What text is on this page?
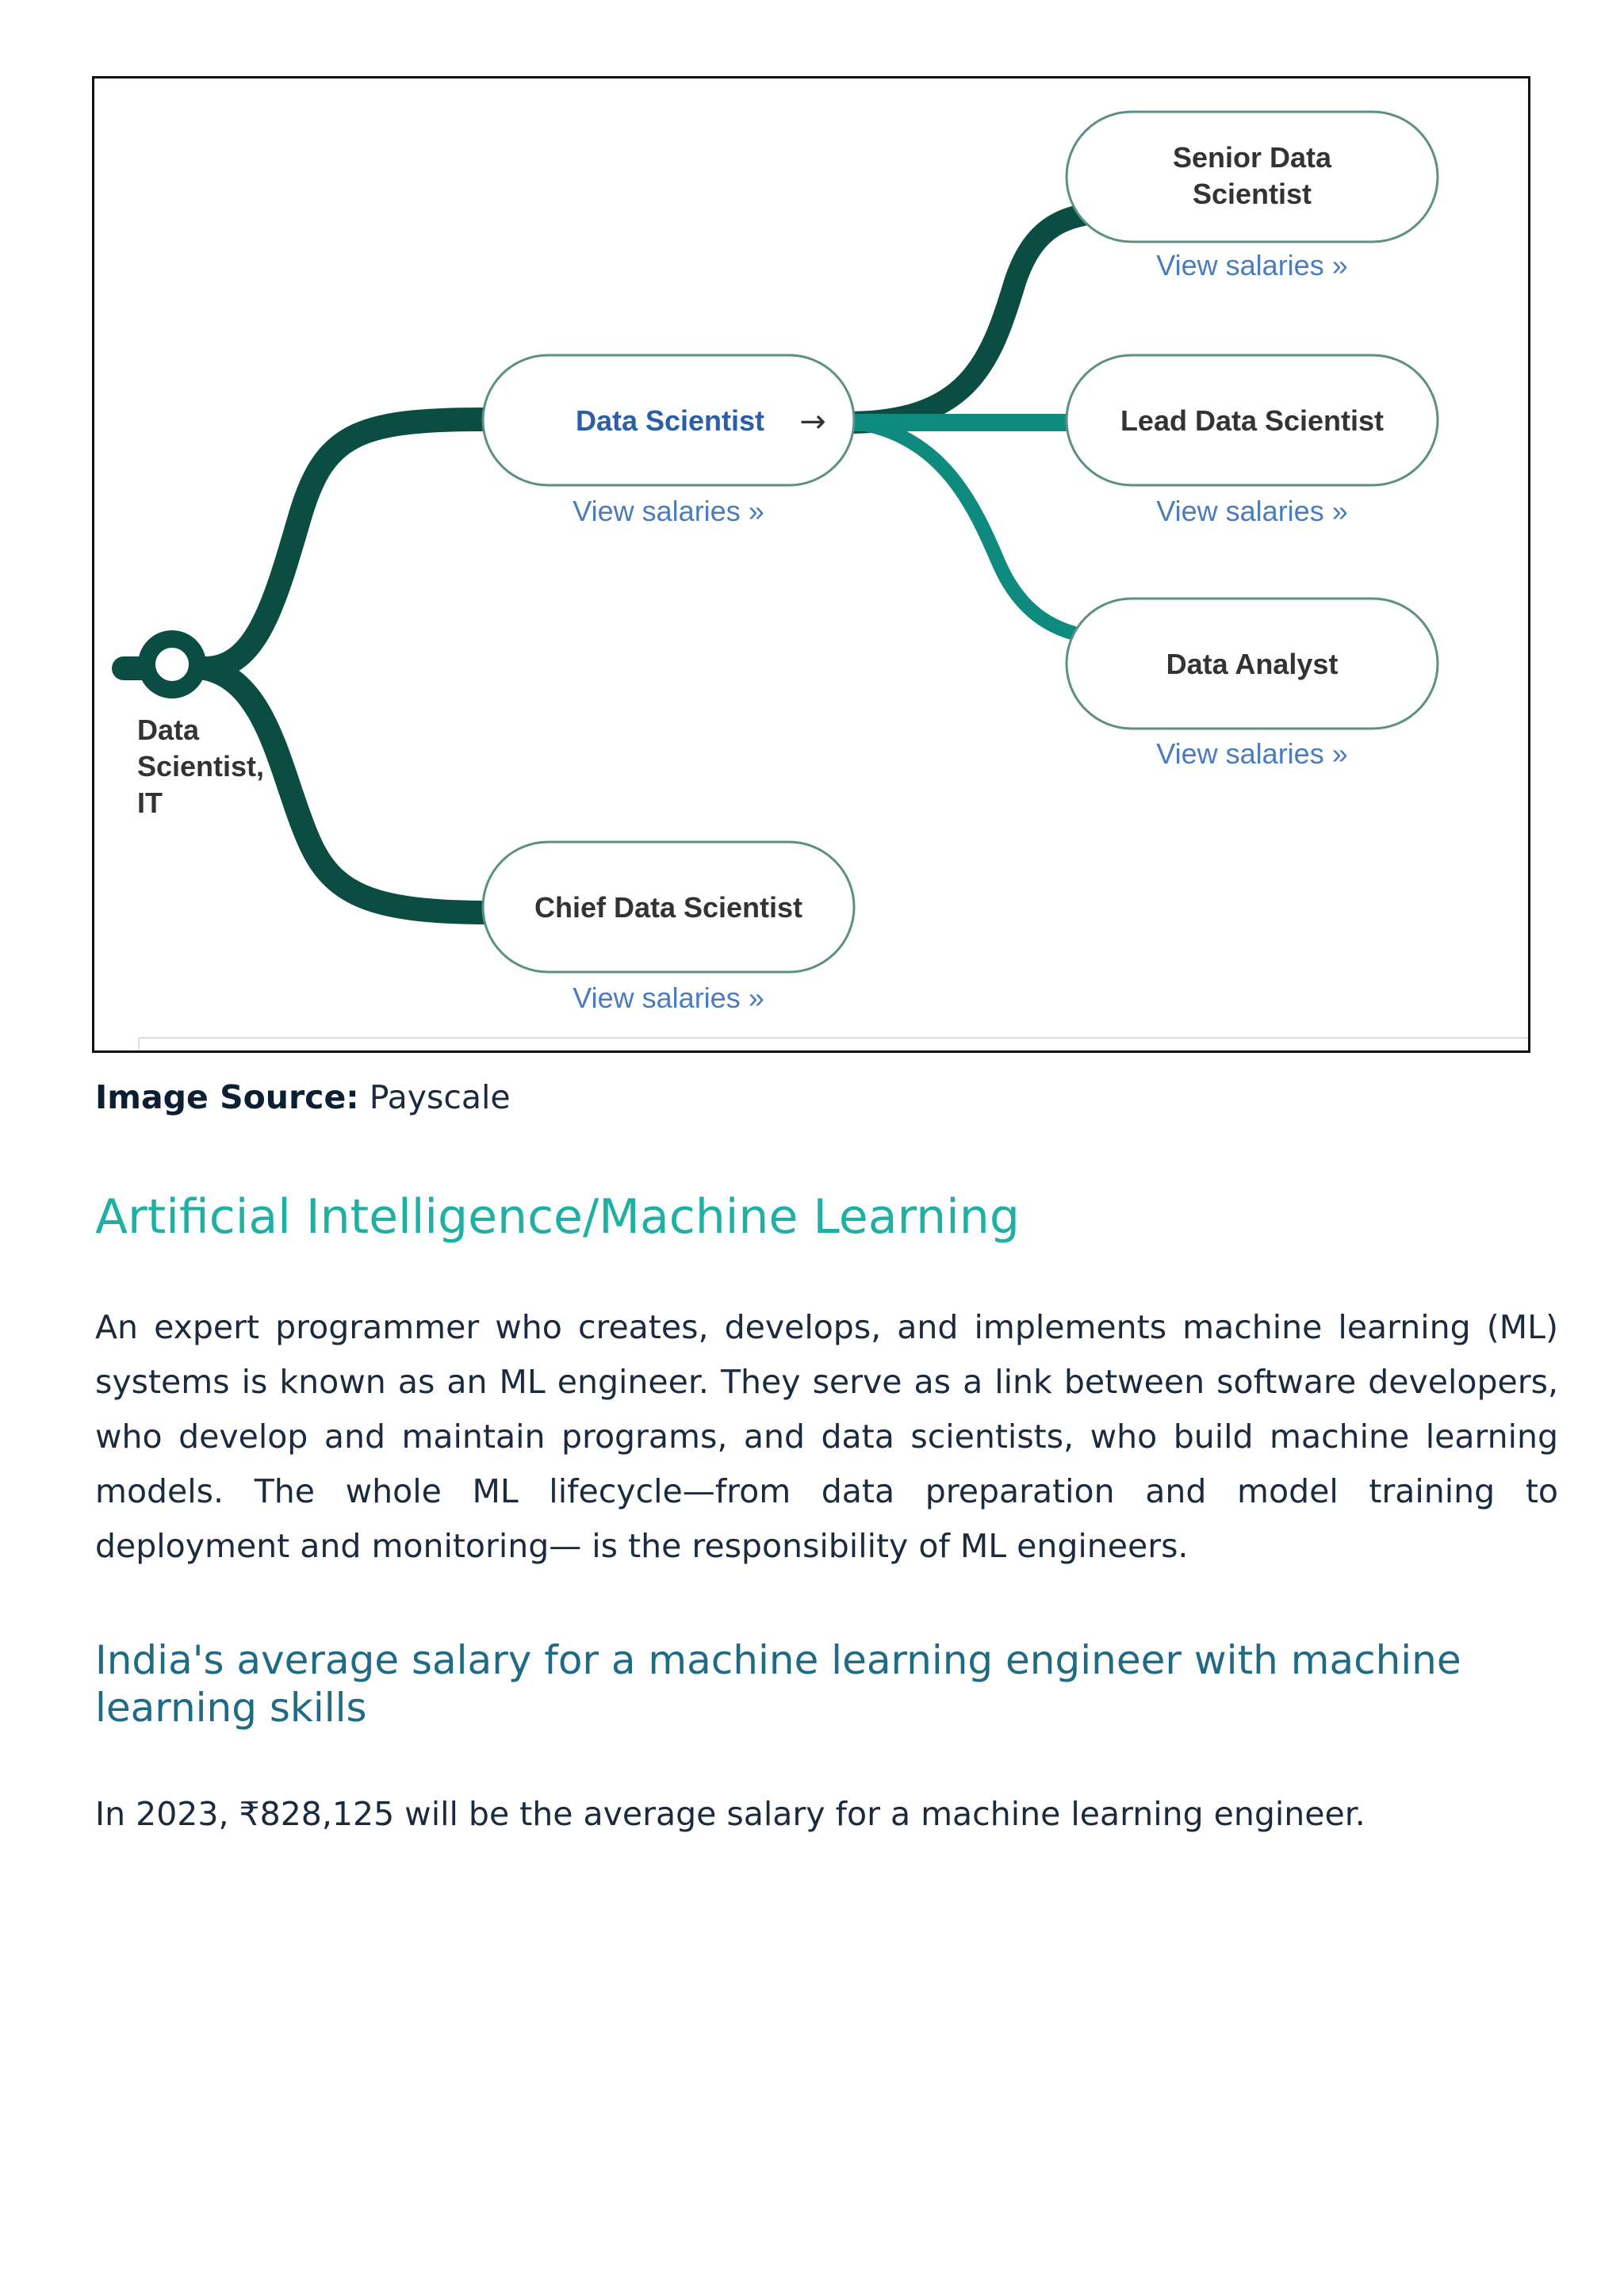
Data
Scientist,
IT
Data Scientist →
View salaries »
Senior Data
Scientist
View salaries »
Lead Data Scientist
View salaries »
Data Analyst
View salaries »
Chief Data Scientist
View salaries »
Image Source: Payscale
Artificial Intelligence/Machine Learning

An expert programmer who creates, develops, and implements machine learning (ML) systems is known as an ML engineer. They serve as a link between software developers, who develop and maintain programs, and data scientists, who build machine learning models. The whole ML lifecycle—from data preparation and model training to deployment and monitoring— is the responsibility of ML engineers.

India's average salary for a machine learning engineer with machine learning skills

In 2023, ₹828,125 will be the average salary for a machine learning engineer.
